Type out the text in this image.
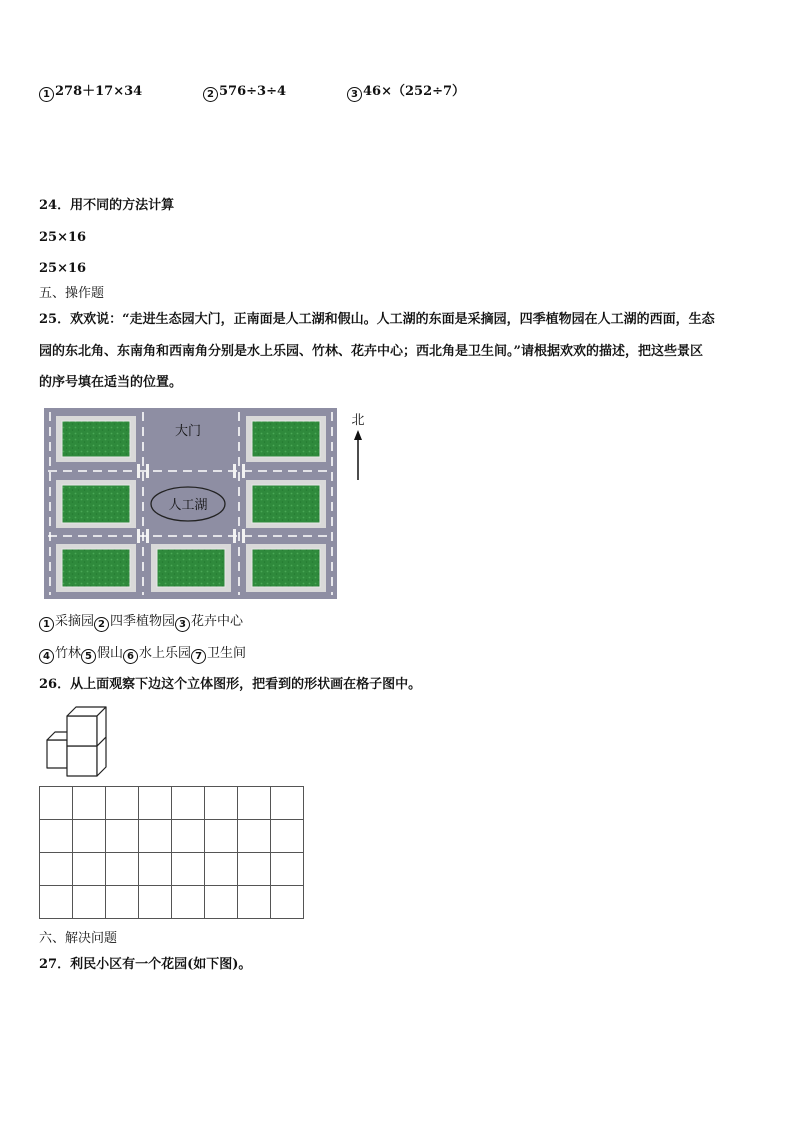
1 278＋17×34	2 576÷3÷4	3 46×（252÷7）
24．用不同的方法计算
25×16
25×16
五、操作题
25．欢欢说：“走进生态园大门，正南面是人工湖和假山。人工湖的东面是采摘园，四季植物园在人工湖的西面，生态
园的东北角、东南角和西南角分别是水上乐园、竹林、花卉中心；西北角是卫生间。”请根据欢欢的描述，把这些景区
的序号填在适当的位置。
人工湖
大门
北
1 采摘园 2 四季植物园 3 花卉中心
4 竹林 5 假山 6 水上乐园 7 卫生间
26．从上面观察下边这个立体图形，把看到的形状画在格子图中。

六、解决问题
27．利民小区有一个花园(如下图)。
